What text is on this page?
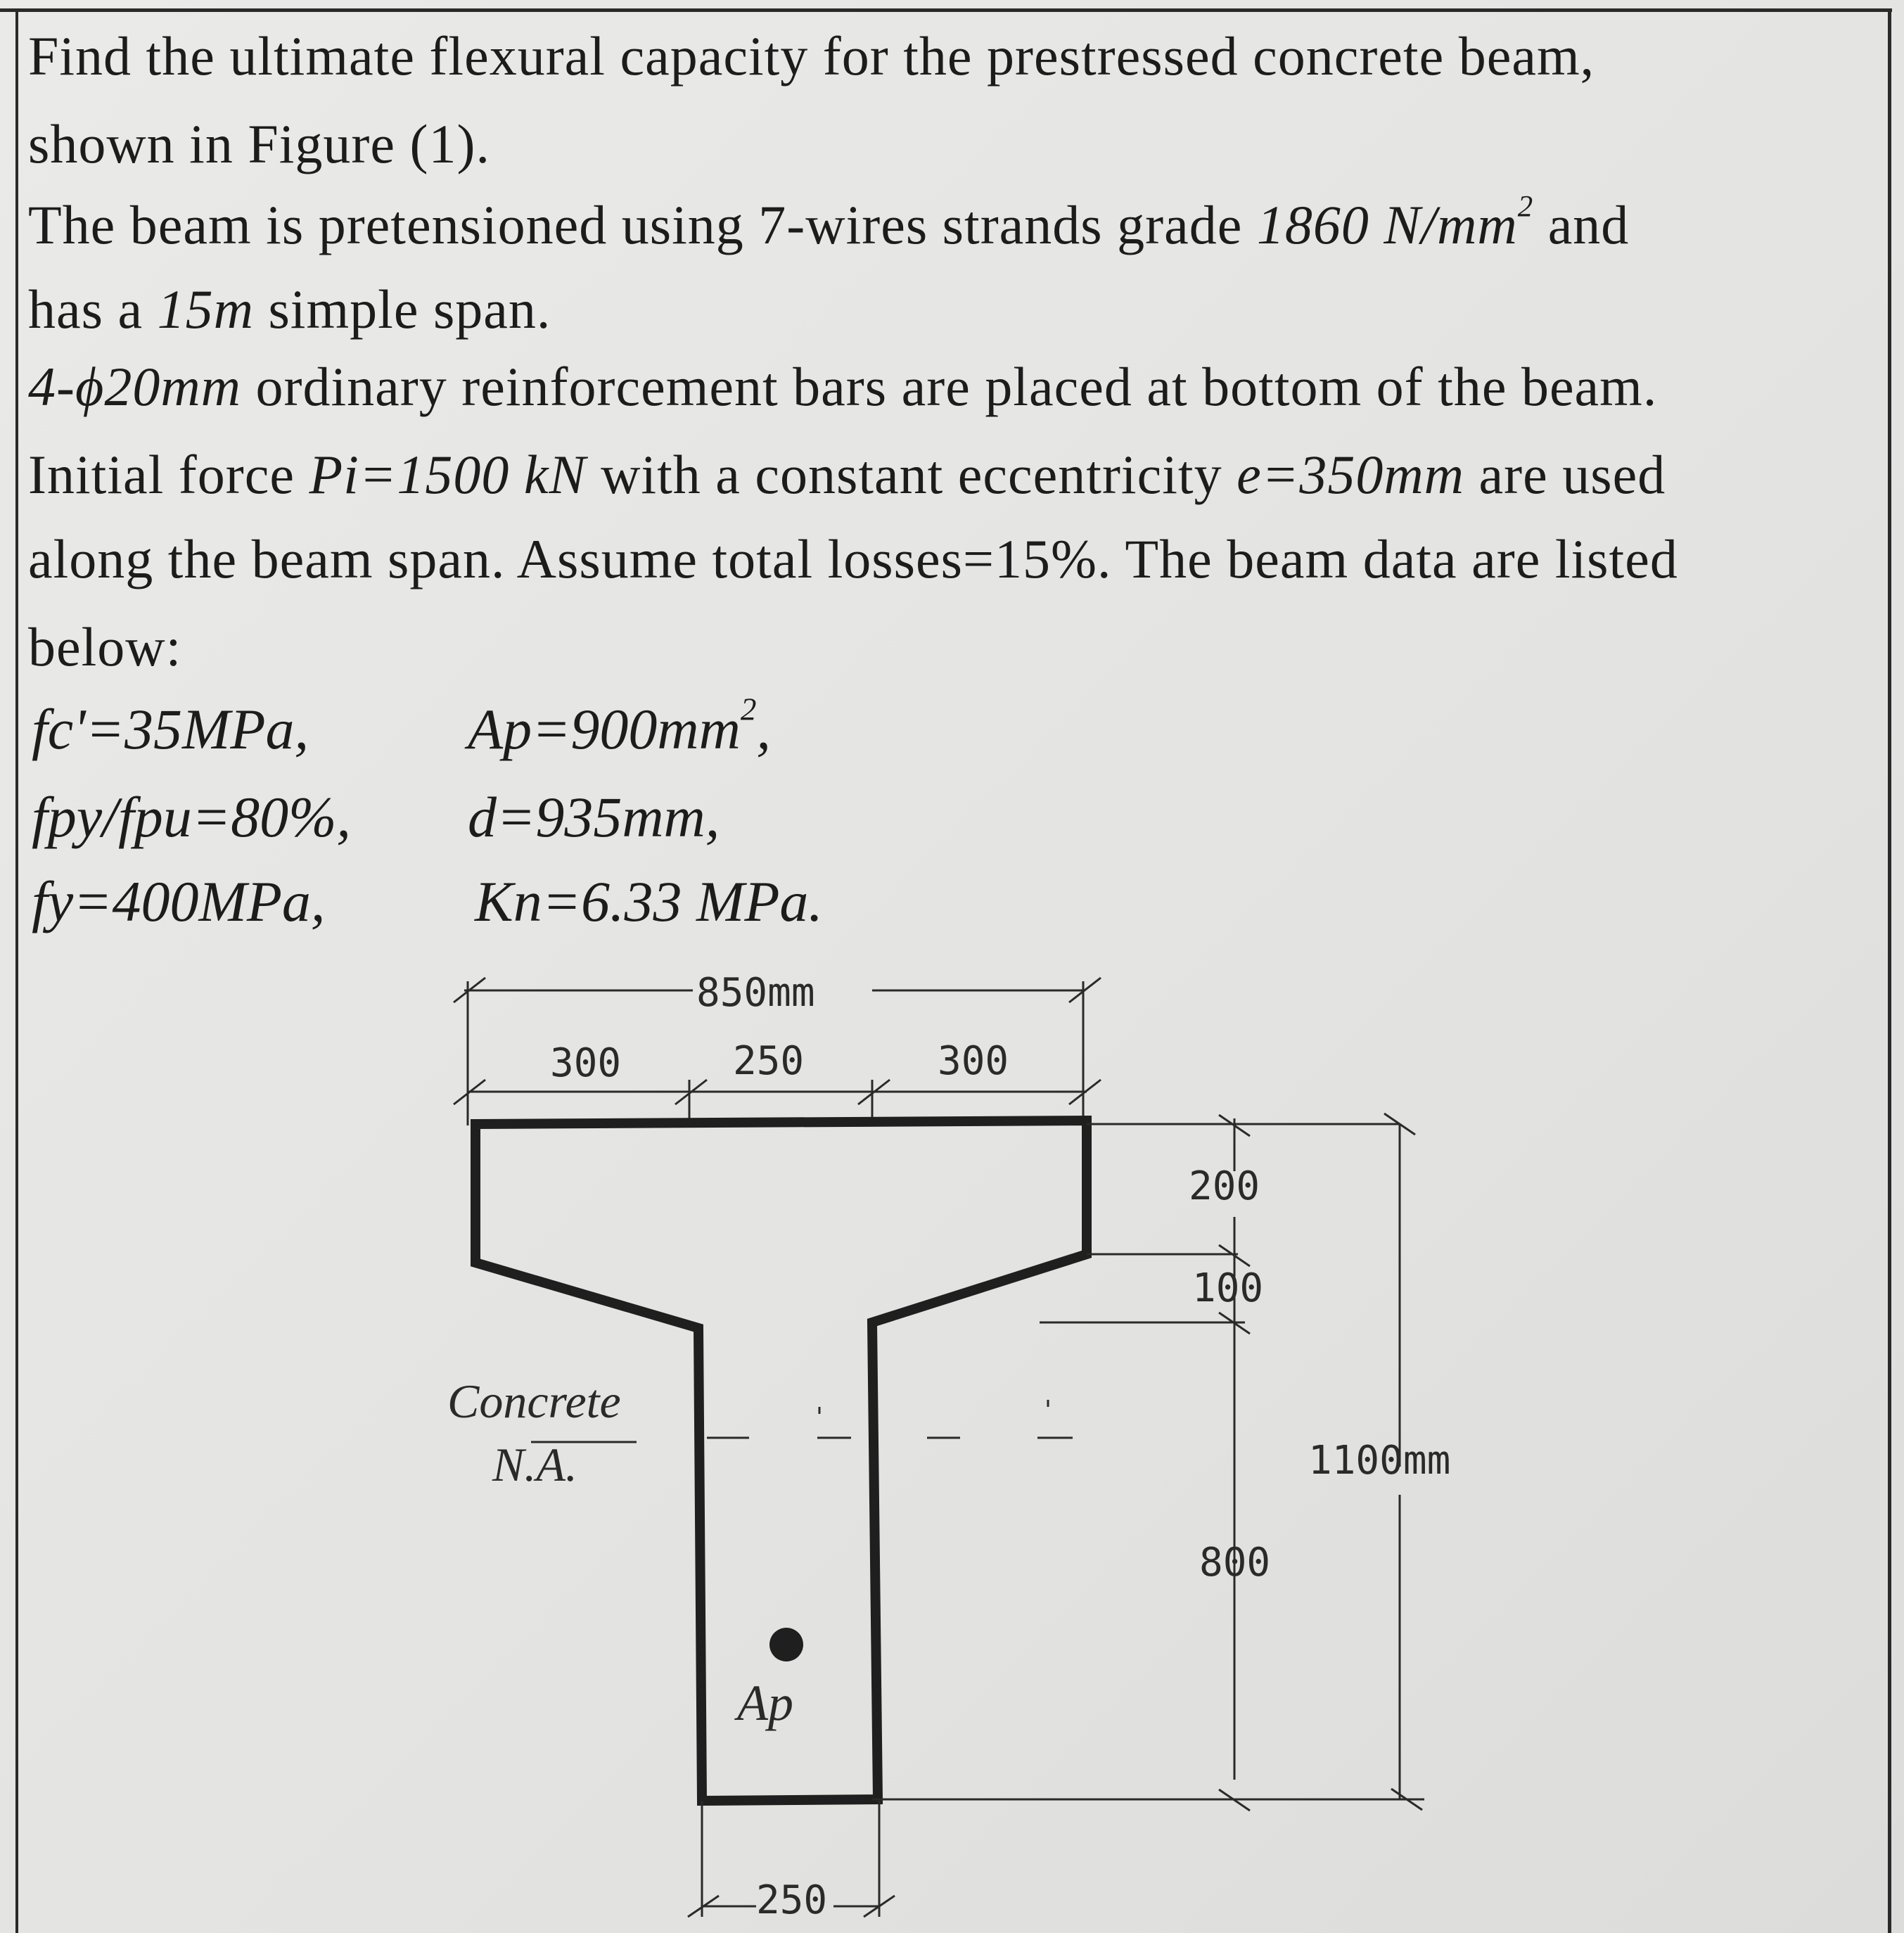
Find the ultimate flexural capacity for the prestressed concrete beam,
shown in Figure (1).
The beam is pretensioned using 7-wires strands grade 1860 $N/mm^2$ and
has a 15m simple span.
4-ϕ20mm ordinary reinforcement bars are placed at bottom of the beam.
Initial force Pi=1500 kN with a constant eccentricity e=350mm are used
along the beam span. Assume total losses=15%. The beam data are listed
below:
fc'=35MPa,	$Ap=900mm^2$,
fpy/fpu=80%, d=935mm,
fy=400MPa,	Kn=6.33 MPa.
850mm
300	250	300
200
100
800
1100mm
Concrete
N.A.
Ap
250
